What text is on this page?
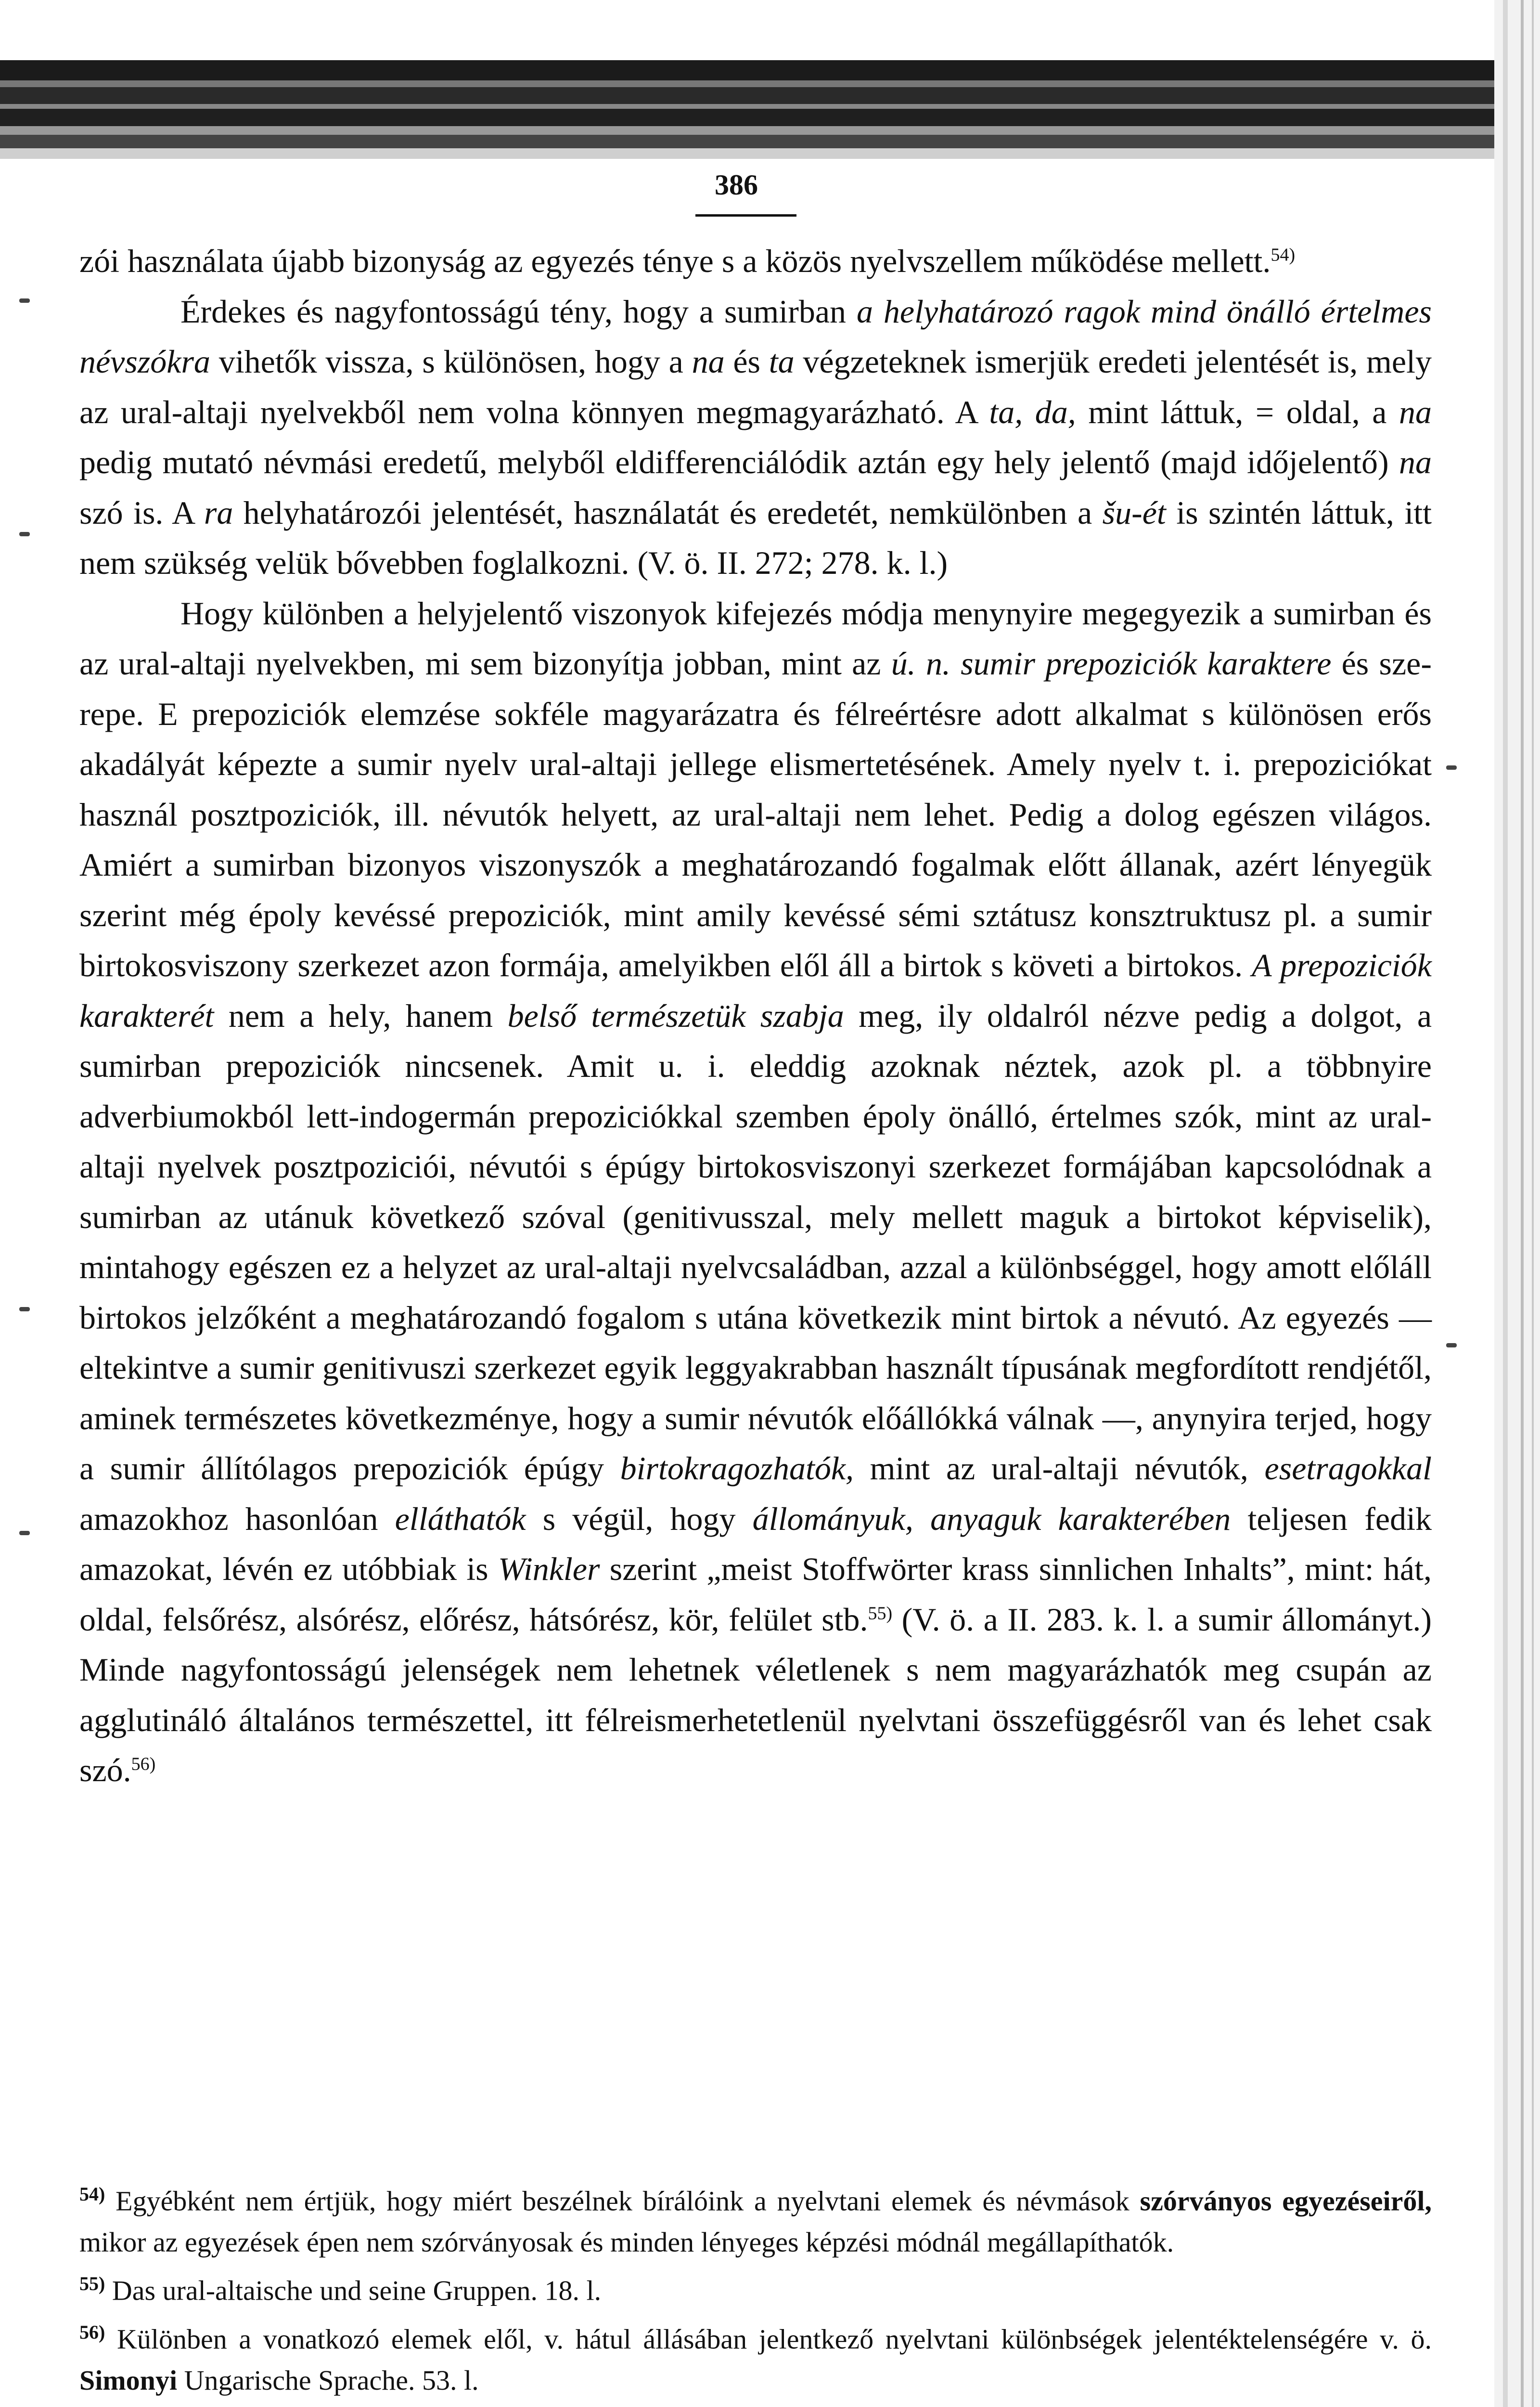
386

zói használata újabb bizonyság az egyezés ténye s a közös nyelvszellem működése mellett.$^{54)}$

Érdekes és nagyfontosságú tény, hogy a sumirban a helyhatározó ragok mind önálló értelmes névszókra vihetők vissza, s különösen, hogy a na és ta végzeteknek ismerjük eredeti jelentését is, mely az ural-altaji nyelvekből nem volna könnyen megmagyarázható. A ta, da, mint láttuk, = oldal, a na pedig mutató névmási eredetű, melyből eldifferenciálódik aztán egy hely jelentő (majd időjelentő) na szó is. A ra helyhatározói jelentését, használatát és eredetét, nemkülönben a šu-ét is szintén láttuk, itt nem szükség velük bővebben foglalkozni. (V. ö. II. 272; 278. k. l.)

Hogy különben a helyjelentő viszonyok kifejezés módja menynyire megegyezik a sumirban és az ural-altaji nyelvekben, mi sem bizonyítja jobban, mint az ú. n. sumir prepoziciók karaktere és szerepe. E prepoziciók elemzése sokféle magyarázatra és félreértésre adott alkalmat s különösen erős akadályát képezte a sumir nyelv ural-altaji jellege elismertetésének. Amely nyelv t. i. prepoziciókat használ posztpoziciók, ill. névutók helyett, az ural-altaji nem lehet. Pedig a dolog egészen világos. Amiért a sumirban bizonyos viszonyszók a meghatározandó fogalmak előtt állanak, azért lényegük szerint még époly kevéssé prepoziciók, mint amily kevéssé sémi sztátusz konsztruktusz pl. a sumir birtokosviszony szerkezet azon formája, amelyikben elől áll a birtok s követi a birtokos. A prepoziciók karakterét nem a hely, hanem belső természetük szabja meg, ily oldalról nézve pedig a dolgot, a sumirban prepoziciók nincsenek. Amit u. i. eleddig azoknak néztek, azok pl. a többnyire adverbiumokból lett-indogermán prepoziciókkal szemben époly önálló, értelmes szók, mint az ural-altaji nyelvek posztpoziciói, névutói s épúgy birtokosviszonyi szerkezet formájában kapcsolódnak a sumirban az utánuk következő szóval (genitivusszal, mely mellett maguk a birtokot képviselik), mintahogy egészen ez a helyzet az ural-altaji nyelvcsaládban, azzal a különbséggel, hogy amott előláll birtokos jelzőként a meghatározandó fogalom s utána következik mint birtok a névutó. Az egyezés — eltekintve a sumir genitivuszi szerkezet egyik leggyakrabban használt típusának megfordított rendjétől, aminek természetes következménye, hogy a sumir névutók előállókká válnak —, anynyira terjed, hogy a sumir állítólagos prepoziciók épúgy birtokragozhatók, mint az ural-altaji névutók, esetragokkal amazokhoz hasonlóan elláthatók s végül, hogy állományuk, anyaguk karakterében teljesen fedik amazokat, lévén ez utóbbiak is Winkler szerint „meist Stoffwörter krass sinnlichen Inhalts”, mint: hát, oldal, felsőrész, alsórész, előrész, hátsórész, kör, felület stb.$^{55)}$ (V. ö. a II. 283. k. l. a sumir állományt.) Minde nagyfontosságú jelenségek nem lehetnek véletlenek s nem magyarázhatók meg csupán az agglutináló általános természettel, itt félreismerhetetlenül nyelvtani összefüggésről van és lehet csak szó.$^{56)}$

$^{54)}$ Egyébként nem értjük, hogy miért beszélnek bírálóink a nyelvtani elemek és névmások szórványos egyezéseiről, mikor az egyezések épen nem szórványosak és minden lényeges képzési módnál megállapíthatók.

$^{55)}$ Das ural-altaische und seine Gruppen. 18. l.

$^{56)}$ Különben a vonatkozó elemek elől, v. hátul állásában jelentkező nyelvtani különbségek jelentéktelenségére v. ö. Simonyi Ungarische Sprache. 53. l.
